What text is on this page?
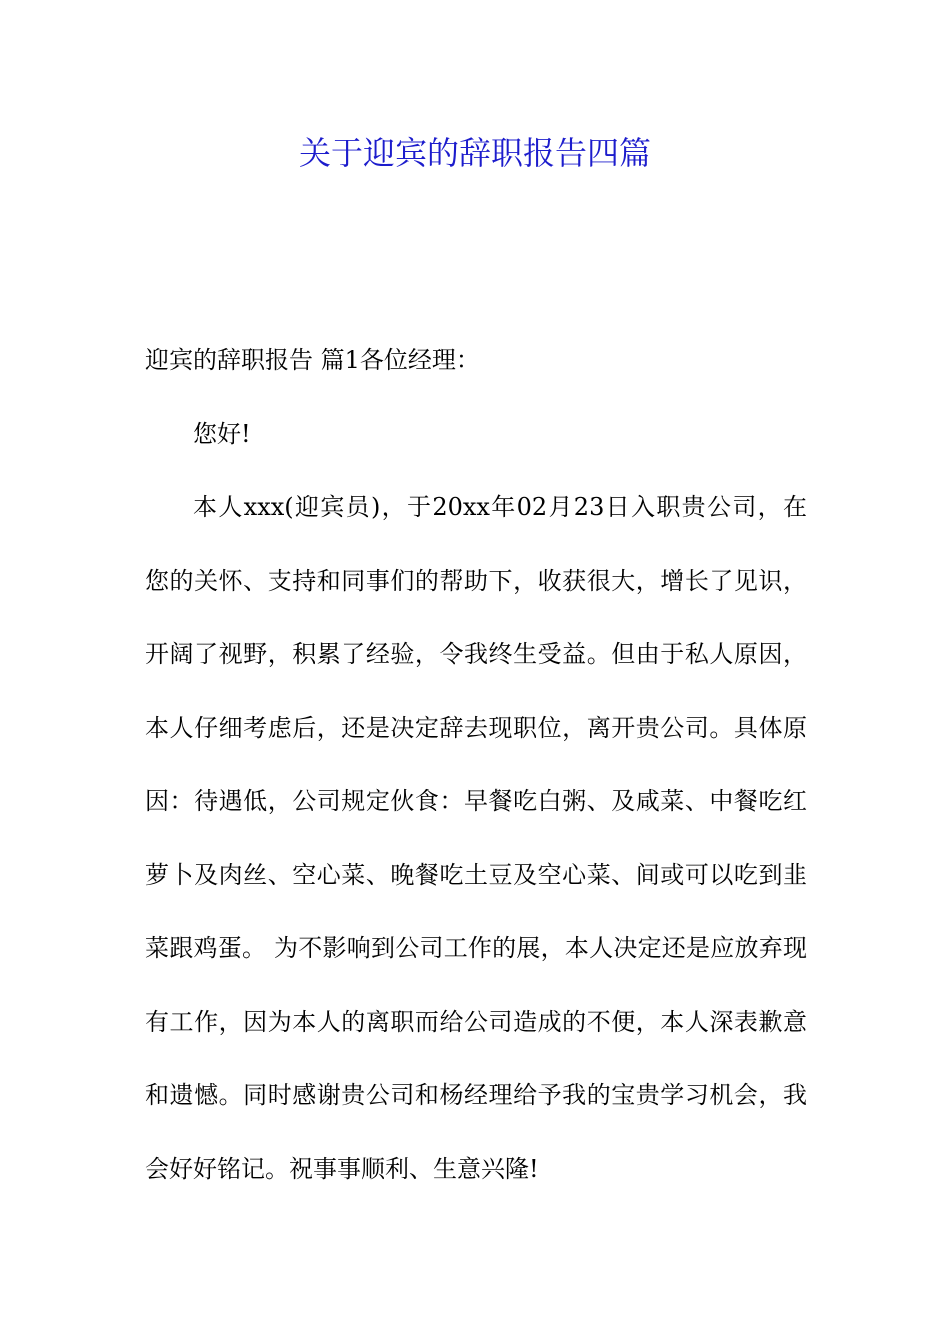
关于迎宾的辞职报告四篇
迎宾的辞职报告 篇1各位经理：
您好!
本人xxx(迎宾员)，于20xx年02月23日入职贵公司，在
您的关怀、支持和同事们的帮助下，收获很大，增长了见识，
开阔了视野，积累了经验，令我终生受益。但由于私人原因，
本人仔细考虑后，还是决定辞去现职位，离开贵公司。具体原
因：待遇低，公司规定伙食：早餐吃白粥、及咸菜、中餐吃红
萝卜及肉丝、空心菜、晚餐吃土豆及空心菜、间或可以吃到韭
菜跟鸡蛋。 为不影响到公司工作的展，本人决定还是应放弃现
有工作，因为本人的离职而给公司造成的不便，本人深表歉意
和遗憾。同时感谢贵公司和杨经理给予我的宝贵学习机会，我
会好好铭记。祝事事顺利、生意兴隆!
